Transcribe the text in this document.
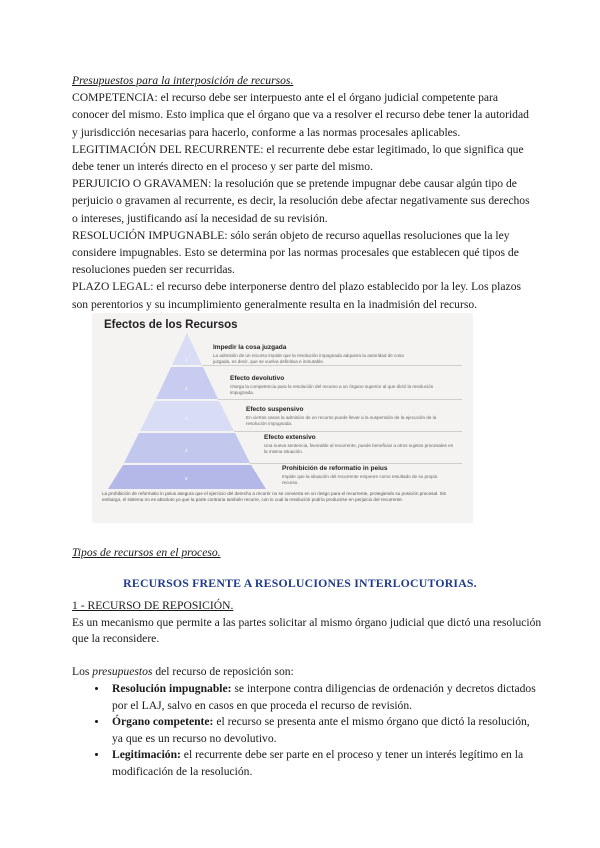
Presupuestos para la interposición de recursos.

COMPETENCIA: el recurso debe ser interpuesto ante el el órgano judicial competente para conocer del mismo. Esto implica que el órgano que va a resolver el recurso debe tener la autoridad y jurisdicción necesarias para hacerlo, conforme a las normas procesales aplicables.

LEGITIMACIÓN DEL RECURRENTE: el recurrente debe estar legitimado, lo que significa que debe tener un interés directo en el proceso y ser parte del mismo.

PERJUICIO O GRAVAMEN: la resolución que se pretende impugnar debe causar algún tipo de perjuicio o gravamen al recurrente, es decir, la resolución debe afectar negativamente sus derechos o intereses, justificando así la necesidad de su revisión.

RESOLUCIÓN IMPUGNABLE: sólo serán objeto de recurso aquellas resoluciones que la ley considere impugnables. Esto se determina por las normas procesales que establecen qué tipos de resoluciones pueden ser recurridas.

PLAZO LEGAL: el recurso debe interponerse dentro del plazo establecido por la ley. Los plazos son perentorios y su incumplimiento generalmente resulta en la inadmisión del recurso.

Efectos de los Recursos
1
2
3
4
5
Impedir la cosa juzgada
La admisión de un recurso impide que la resolución impugnada adquiera la autoridad de cosa juzgada, es decir, que se vuelva definitiva e inmutable.
Efecto devolutivo
Otorga la competencia para la resolución del recurso a un órgano superior al que dictó la resolución impugnada.
Efecto suspensivo
En ciertos casos la admisión de un recurso puede llevar a la suspensión de la ejecución de la resolución impugnada.
Efecto extensivo
Una nueva sentencia, favorable al recurrente, puede beneficiar a otros sujetos procesales en la misma situación.
Prohibición de reformatio in peius
Impide que la situación del recurrente empeore como resultado de su propio recurso.
La prohibición de reformatio in peius asegura que el ejercicio del derecho a recurrir no se convierta en un riesgo para el recurrente, protegiendo su posición procesal. Sin embargo, el sistema no es absoluto ya que la parte contraria también recurre, con lo cual la resolución podría producirse en perjuicio del recurrente.

Tipos de recursos en el proceso.

RECURSOS FRENTE A RESOLUCIONES INTERLOCUTORIAS.

1 - RECURSO DE REPOSICIÓN.

Es un mecanismo que permite a las partes solicitar al mismo órgano judicial que dictó una resolución que la reconsidere.

Los presupuestos del recurso de reposición son:

• Resolución impugnable: se interpone contra diligencias de ordenación y decretos dictados por el LAJ, salvo en casos en que proceda el recurso de revisión.
• Órgano competente: el recurso se presenta ante el mismo órgano que dictó la resolución, ya que es un recurso no devolutivo.
• Legitimación: el recurrente debe ser parte en el proceso y tener un interés legítimo en la modificación de la resolución.
